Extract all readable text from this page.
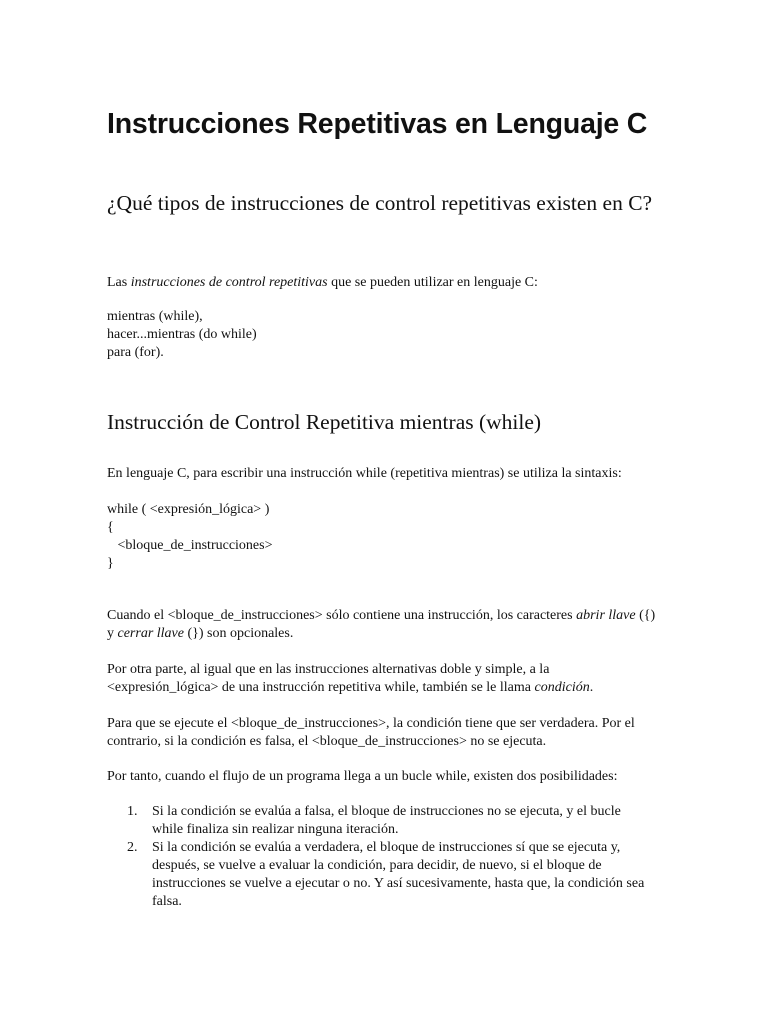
Instrucciones Repetitivas en Lenguaje C
¿Qué tipos de instrucciones de control repetitivas existen en C?

Las instrucciones de control repetitivas que se pueden utilizar en lenguaje C:

mientras (while),
hacer...mientras (do while)
para (for).

Instrucción de Control Repetitiva mientras (while)

En lenguaje C, para escribir una instrucción while (repetitiva mientras) se utiliza la sintaxis:

while ( <expresión_lógica> )
{
<bloque_de_instrucciones>
}

Cuando el <bloque_de_instrucciones> sólo contiene una instrucción, los caracteres abrir llave ({) y cerrar llave (}) son opcionales.

Por otra parte, al igual que en las instrucciones alternativas doble y simple, a la <expresión_lógica> de una instrucción repetitiva while, también se le llama condición.

Para que se ejecute el <bloque_de_instrucciones>, la condición tiene que ser verdadera. Por el contrario, si la condición es falsa, el <bloque_de_instrucciones> no se ejecuta.

Por tanto, cuando el flujo de un programa llega a un bucle while, existen dos posibilidades:

1. Si la condición se evalúa a falsa, el bloque de instrucciones no se ejecuta, y el bucle while finaliza sin realizar ninguna iteración.
2. Si la condición se evalúa a verdadera, el bloque de instrucciones sí que se ejecuta y, después, se vuelve a evaluar la condición, para decidir, de nuevo, si el bloque de instrucciones se vuelve a ejecutar o no. Y así sucesivamente, hasta que, la condición sea falsa.
